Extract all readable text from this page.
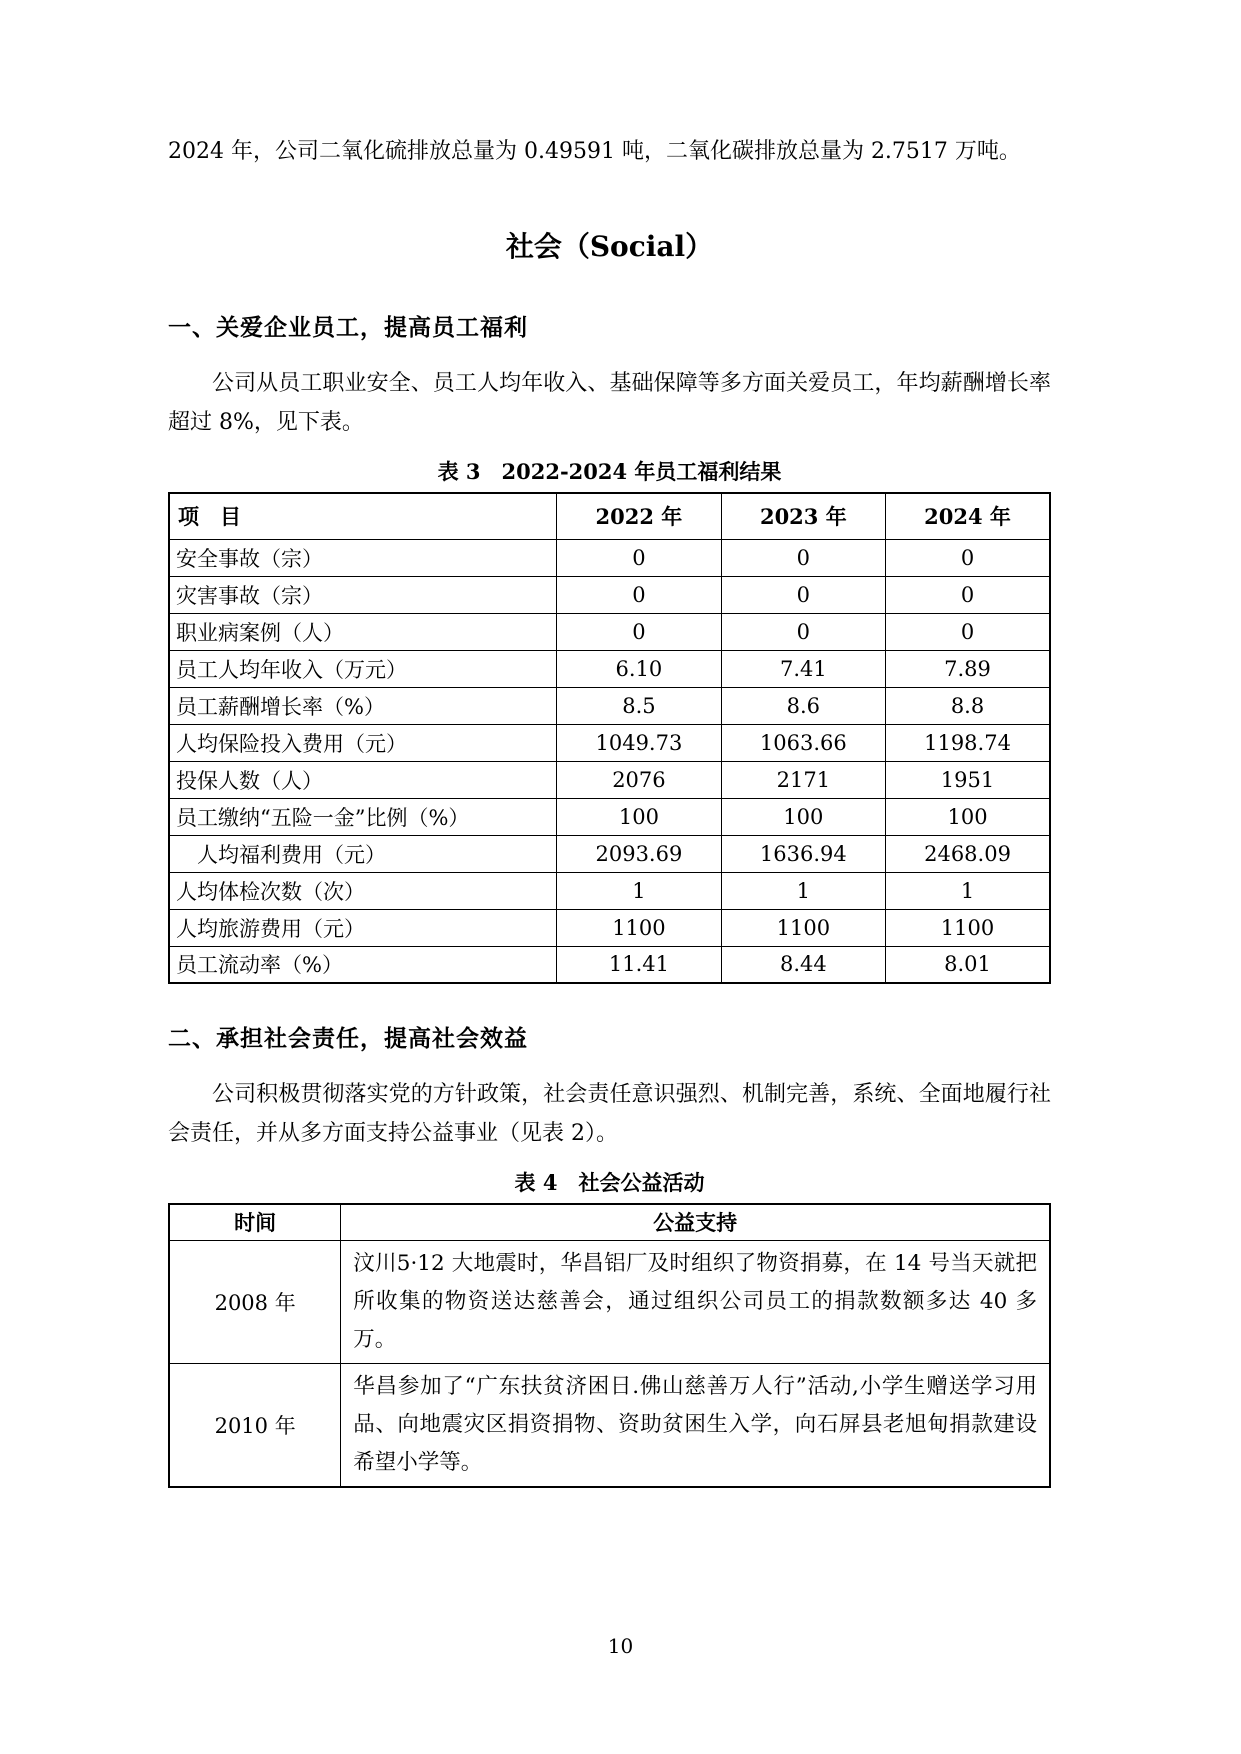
2024 年，公司二氧化硫排放总量为 0.49591 吨，二氧化碳排放总量为 2.7517 万吨。

社会（Social）
一、关爱企业员工，提高员工福利

公司从员工职业安全、员工人均年收入、基础保障等多方面关爱员工，年均薪酬增长率超过 8%，见下表。

表 3　2022-2024 年员工福利结果
项　目	2022 年	2023 年	2024 年
安全事故（宗）	0	0	0
灾害事故（宗）	0	0	0
职业病案例（人）	0	0	0
员工人均年收入（万元）	6.10	7.41	7.89
员工薪酬增长率（%）	8.5	8.6	8.8
人均保险投入费用（元）	1049.73	1063.66	1198.74
投保人数（人）	2076	2171	1951
员工缴纳“五险一金”比例（%）	100	100	100
　人均福利费用（元）	2093.69	1636.94	2468.09
人均体检次数（次）	1	1	1
人均旅游费用（元）	1100	1100	1100
员工流动率（%）	11.41	8.44	8.01
二、承担社会责任，提高社会效益

公司积极贯彻落实党的方针政策，社会责任意识强烈、机制完善，系统、全面地履行社会责任，并从多方面支持公益事业（见表 2）。

表 4　社会公益活动
时间	公益支持
2008 年	汶川5·12 大地震时，华昌铝厂及时组织了物资捐募，在 14 号当天就把所收集的物资送达慈善会，通过组织公司员工的捐款数额多达 40 多万。
2010 年	华昌参加了“广东扶贫济困日.佛山慈善万人行”活动,小学生赠送学习用品、向地震灾区捐资捐物、资助贫困生入学，向石屏县老旭甸捐款建设希望小学等。
10
